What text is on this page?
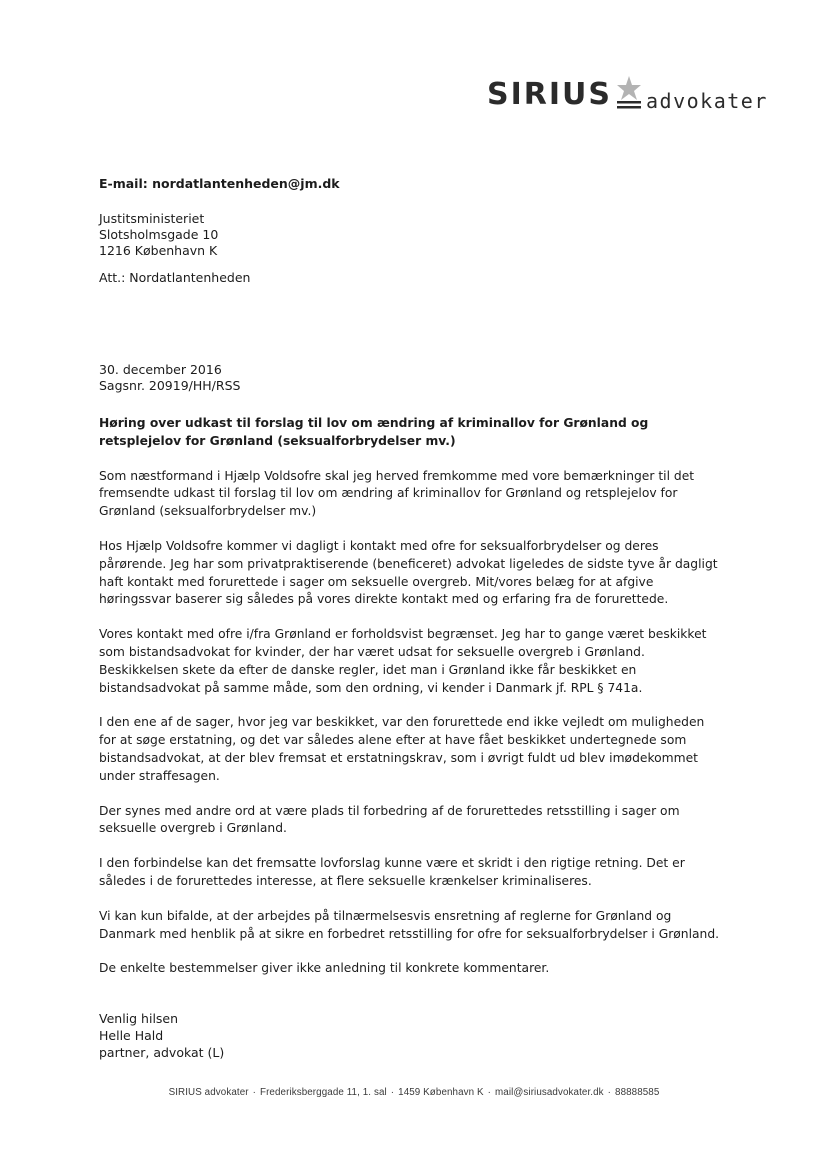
SIRIUS advokater
E-mail: nordatlantenheden@jm.dk
Justitsministeriet
Slotsholmsgade 10
1216 København K
Att.: Nordatlantenheden
30. december 2016
Sagsnr. 20919/HH/RSS
Høring over udkast til forslag til lov om ændring af kriminallov for Grønland og retsplejelov for Grønland (seksualforbrydelser mv.)

Som næstformand i Hjælp Voldsofre skal jeg herved fremkomme med vore bemærkninger til det fremsendte udkast til forslag til lov om ændring af kriminallov for Grønland og retsplejelov for Grønland (seksualforbrydelser mv.)

Hos Hjælp Voldsofre kommer vi dagligt i kontakt med ofre for seksualforbrydelser og deres pårørende. Jeg har som privatpraktiserende (beneficeret) advokat ligeledes de sidste tyve år dagligt haft kontakt med forurettede i sager om seksuelle overgreb. Mit/vores belæg for at afgive høringssvar baserer sig således på vores direkte kontakt med og erfaring fra de forurettede.

Vores kontakt med ofre i/fra Grønland er forholdsvist begrænset. Jeg har to gange været beskikket som bistandsadvokat for kvinder, der har været udsat for seksuelle overgreb i Grønland. Beskikkelsen skete da efter de danske regler, idet man i Grønland ikke får beskikket en bistandsadvokat på samme måde, som den ordning, vi kender i Danmark jf. RPL § 741a.

I den ene af de sager, hvor jeg var beskikket, var den forurettede end ikke vejledt om muligheden for at søge erstatning, og det var således alene efter at have fået beskikket undertegnede som bistandsadvokat, at der blev fremsat et erstatningskrav, som i øvrigt fuldt ud blev imødekommet under straffesagen.

Der synes med andre ord at være plads til forbedring af de forurettedes retsstilling i sager om seksuelle overgreb i Grønland.

I den forbindelse kan det fremsatte lovforslag kunne være et skridt i den rigtige retning. Det er således i de forurettedes interesse, at flere seksuelle krænkelser kriminaliseres.

Vi kan kun bifalde, at der arbejdes på tilnærmelsesvis ensretning af reglerne for Grønland og Danmark med henblik på at sikre en forbedret retsstilling for ofre for seksualforbrydelser i Grønland.

De enkelte bestemmelser giver ikke anledning til konkrete kommentarer.

Venlig hilsen
Helle Hald
partner, advokat (L)
SIRIUS advokater · Frederiksberggade 11, 1. sal · 1459 København K · mail@siriusadvokater.dk · 88888585
